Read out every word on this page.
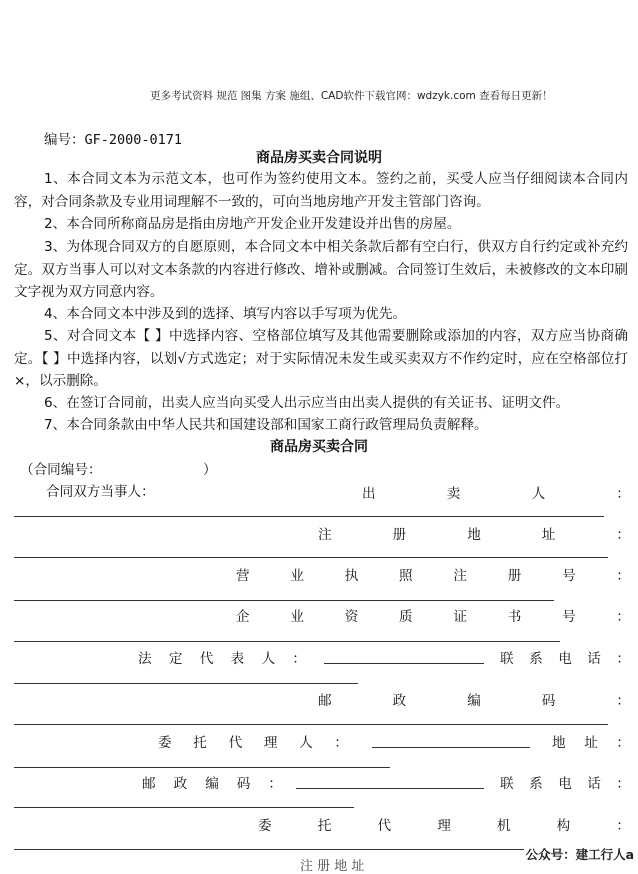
更多考试资料 规范 图集 方案 施组、CAD软件下载官网：wdzyk.com 查看每日更新！
编号：GF-2000-0171
商品房买卖合同说明
1、本合同文本为示范文本，也可作为签约使用文本。签约之前，买受人应当仔细阅读本合同内容，对合同条款及专业用词理解不一致的，可向当地房地产开发主管部门咨询。
2、本合同所称商品房是指由房地产开发企业开发建设并出售的房屋。
3、为体现合同双方的自愿原则，本合同文本中相关条款后都有空白行，供双方自行约定或补充约定。双方当事人可以对文本条款的内容进行修改、增补或删减。合同签订生效后，未被修改的文本印刷文字视为双方同意内容。
4、本合同文本中涉及到的选择、填写内容以手写项为优先。
5、对合同文本【 】中选择内容、空格部位填写及其他需要删除或添加的内容，双方应当协商确定。【 】中选择内容，以划√方式选定；对于实际情况未发生或买卖双方不作约定时，应在空格部位打×，以示删除。
6、在签订合同前，出卖人应当向买受人出示应当由出卖人提供的有关证书、证明文件。
7、本合同条款由中华人民共和国建设部和国家工商行政管理局负责解释。
商品房买卖合同
（合同编号：	）
合同双方当事人：	出	卖	人	：
注	册	地	址	：
营	业	执	照	注	册	号	：
企	业	资	质	证	书	号	：
法 定 代 表 人 ：	联 系 电 话 ：
邮	政	编	码	：
委 托 代 理 人 ：	地 址 ：
邮 政 编 码 ：	联 系 电 话 ：
委	托	代	理	机	构	：
注 册 地 址
公众号：建工行人a
